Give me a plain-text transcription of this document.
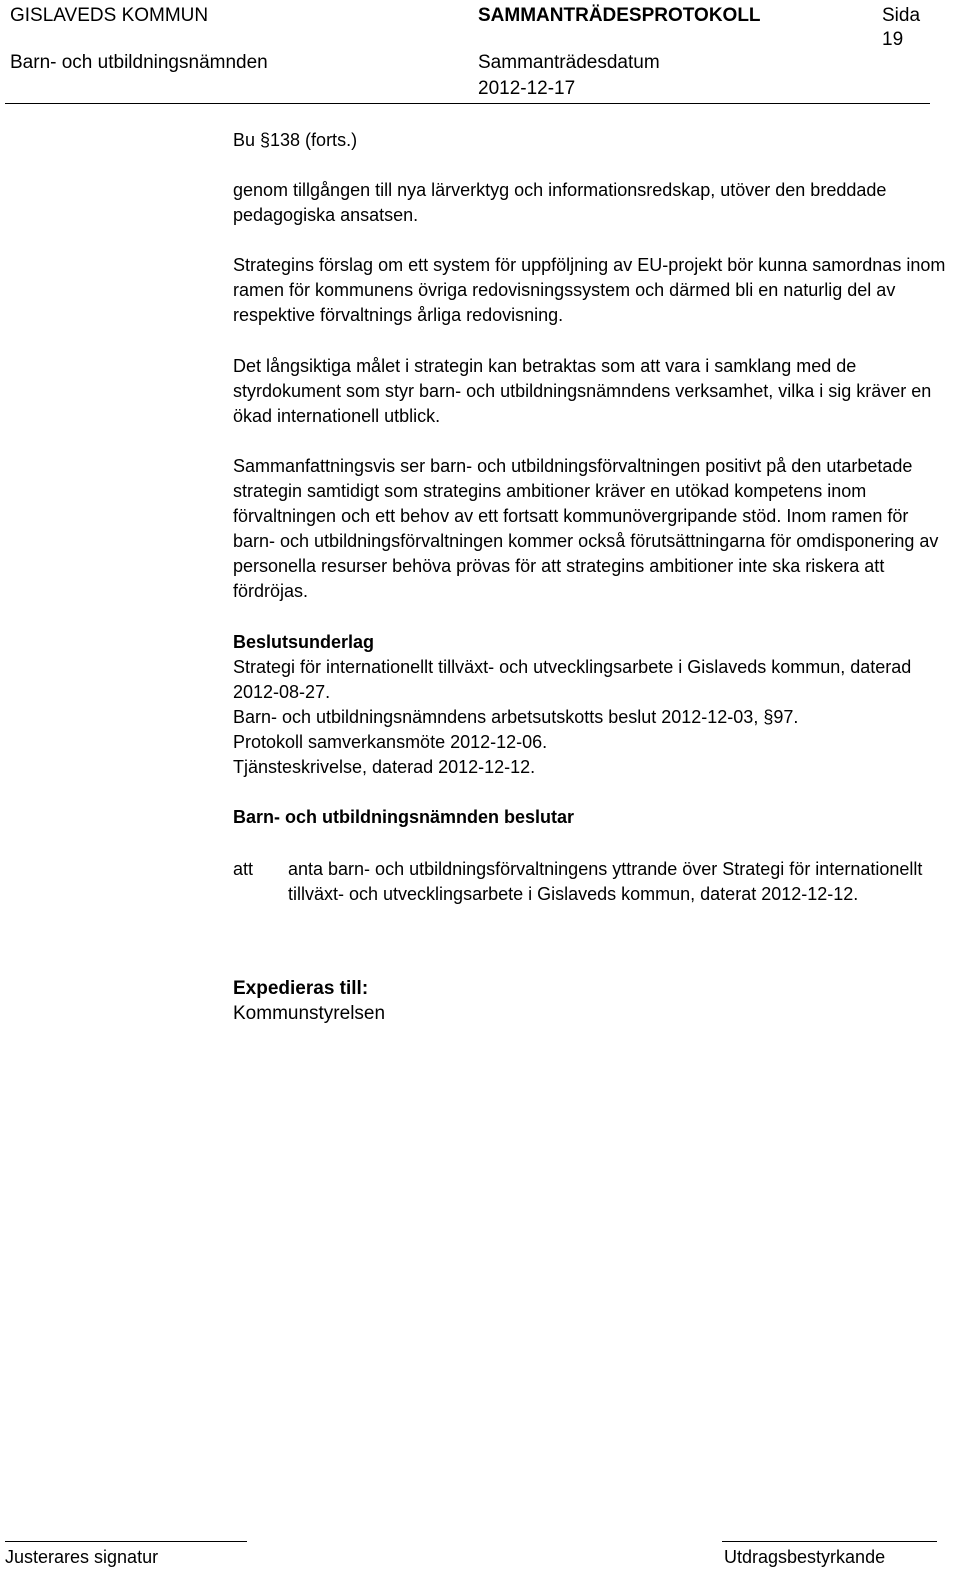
GISLAVEDS KOMMUN	SAMMANTRÄDESPROTOKOLL	Sida
19
Barn- och utbildningsnämnden	Sammanträdesdatum
2012-12-17
Bu §138 (forts.)

genom tillgången till nya lärverktyg och informationsredskap, utöver den breddade pedagogiska ansatsen.

Strategins förslag om ett system för uppföljning av EU-projekt bör kunna samordnas inom ramen för kommunens övriga redovisningssystem och därmed bli en naturlig del av respektive förvaltnings årliga redovisning.

Det långsiktiga målet i strategin kan betraktas som att vara i samklang med de styrdokument som styr barn- och utbildningsnämndens verksamhet, vilka i sig kräver en ökad internationell utblick.

Sammanfattningsvis ser barn- och utbildningsförvaltningen positivt på den utarbetade strategin samtidigt som strategins ambitioner kräver en utökad kompetens inom förvaltningen och ett behov av ett fortsatt kommunövergripande stöd. Inom ramen för barn- och utbildningsförvaltningen kommer också förutsättningarna för omdisponering av personella resurser behöva prövas för att strategins ambitioner inte ska riskera att fördröjas.

Beslutsunderlag

Strategi för internationellt tillväxt- och utvecklingsarbete i Gislaveds kommun, daterad 2012-08-27.

Barn- och utbildningsnämndens arbetsutskotts beslut 2012-12-03, §97.
Protokoll samverkansmöte 2012-12-06.
Tjänsteskrivelse, daterad 2012-12-12.
Barn- och utbildningsnämnden beslutar
att anta barn- och utbildningsförvaltningens yttrande över Strategi för internationellt tillväxt- och utvecklingsarbete i Gislaveds kommun, daterat 2012-12-12.
Expedieras till:
Kommunstyrelsen
Justerares signatur	Utdragsbestyrkande
